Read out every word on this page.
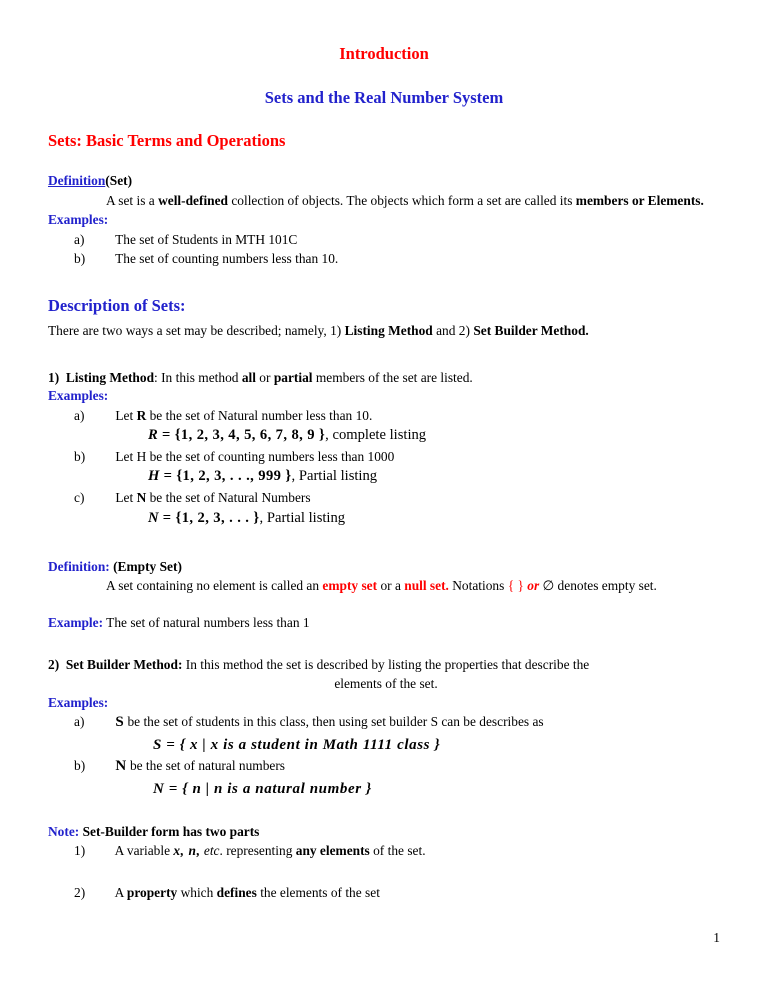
Introduction
Sets and the Real Number System
Sets: Basic Terms and Operations
Definition(Set)
A set is a well-defined collection of objects. The objects which form a set are called its members or Elements.
Examples:
a) The set of Students in MTH 101C
b) The set of counting numbers less than 10.
Description of Sets:
There are two ways a set may be described; namely, 1) Listing Method and 2) Set Builder Method.
1) Listing Method: In this method all or partial members of the set are listed.
Examples:
a) Let R be the set of Natural number less than 10.
R = {1, 2, 3, 4, 5, 6, 7, 8, 9 }, complete listing
b) Let H be the set of counting numbers less than 1000
H = {1, 2, 3, . . ., 999 }, Partial listing
c) Let N be the set of Natural Numbers
N = {1, 2, 3, . . . }, Partial listing
Definition: (Empty Set)
A set containing no element is called an empty set or a null set. Notations { } or ∅ denotes empty set.
Example: The set of natural numbers less than 1
2) Set Builder Method: In this method the set is described by listing the properties that describe the
elements of the set.
Examples:
a) S be the set of students in this class, then using set builder S can be describes as
S = { x | x is a student in Math 1111 class }
b) N be the set of natural numbers
N = { n | n is a natural number }
Note: Set-Builder form has two parts
1) A variable x, n, etc. representing any elements of the set.
2) A property which defines the elements of the set
1
